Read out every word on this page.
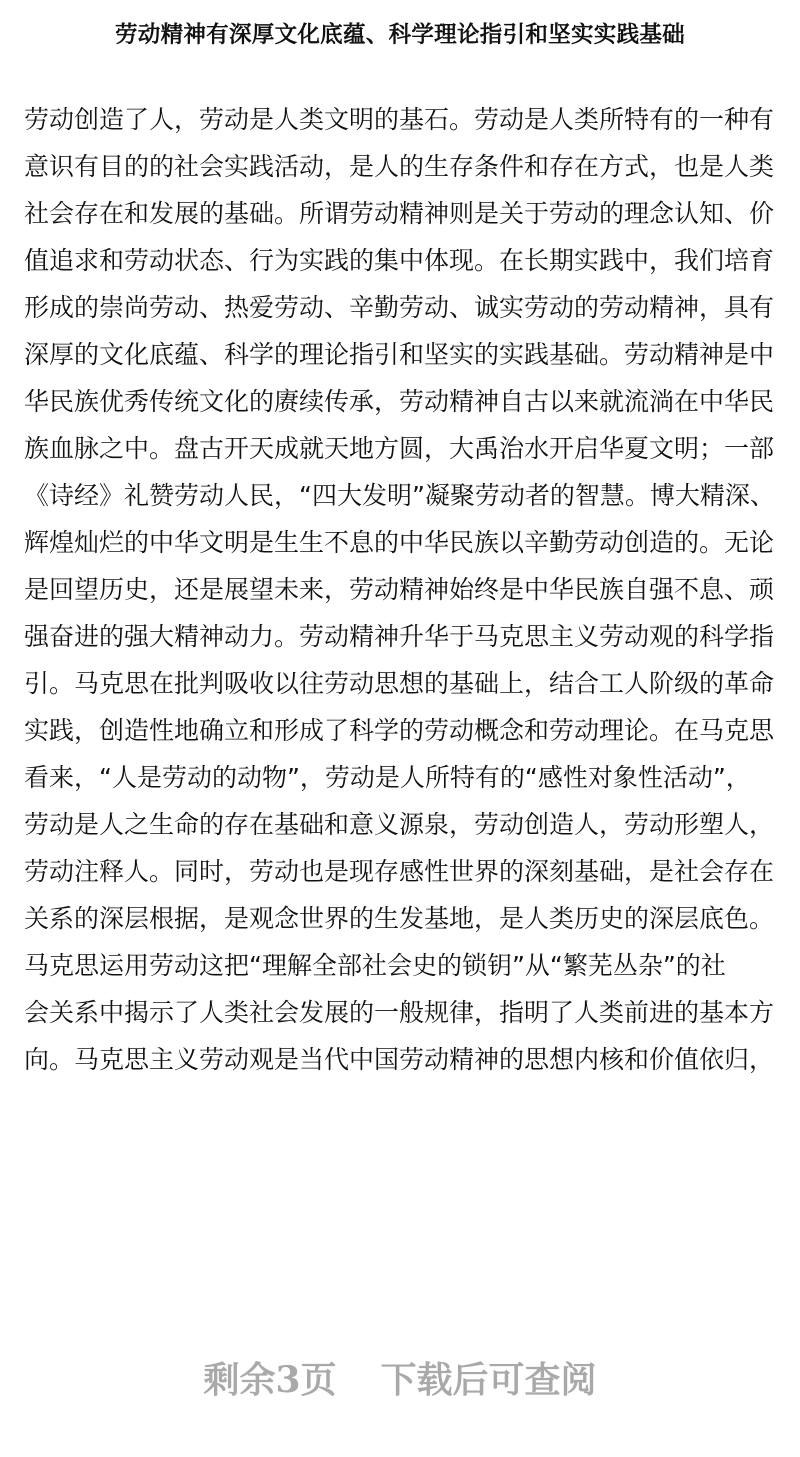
劳动精神有深厚文化底蕴、科学理论指引和坚实实践基础
劳动创造了人，劳动是人类文明的基石。劳动是人类所特有的一种有
意识有目的的社会实践活动，是人的生存条件和存在方式，也是人类
社会存在和发展的基础。所谓劳动精神则是关于劳动的理念认知、价
值追求和劳动状态、行为实践的集中体现。在长期实践中，我们培育
形成的崇尚劳动、热爱劳动、辛勤劳动、诚实劳动的劳动精神，具有
深厚的文化底蕴、科学的理论指引和坚实的实践基础。劳动精神是中
华民族优秀传统文化的赓续传承，劳动精神自古以来就流淌在中华民
族血脉之中。盘古开天成就天地方圆，大禹治水开启华夏文明；一部
《诗经》礼赞劳动人民，“四大发明”凝聚劳动者的智慧。博大精深、
辉煌灿烂的中华文明是生生不息的中华民族以辛勤劳动创造的。无论
是回望历史，还是展望未来，劳动精神始终是中华民族自强不息、顽
强奋进的强大精神动力。劳动精神升华于马克思主义劳动观的科学指
引。马克思在批判吸收以往劳动思想的基础上，结合工人阶级的革命
实践，创造性地确立和形成了科学的劳动概念和劳动理论。在马克思
看来，“人是劳动的动物”，劳动是人所特有的“感性对象性活动”，
劳动是人之生命的存在基础和意义源泉，劳动创造人，劳动形塑人，
劳动注释人。同时，劳动也是现存感性世界的深刻基础，是社会存在
关系的深层根据，是观念世界的生发基地，是人类历史的深层底色。
马克思运用劳动这把“理解全部社会史的锁钥”从“繁芜丛杂”的社
会关系中揭示了人类社会发展的一般规律，指明了人类前进的基本方
向。马克思主义劳动观是当代中国劳动精神的思想内核和价值依归，
剩余3页 下载后可查阅
